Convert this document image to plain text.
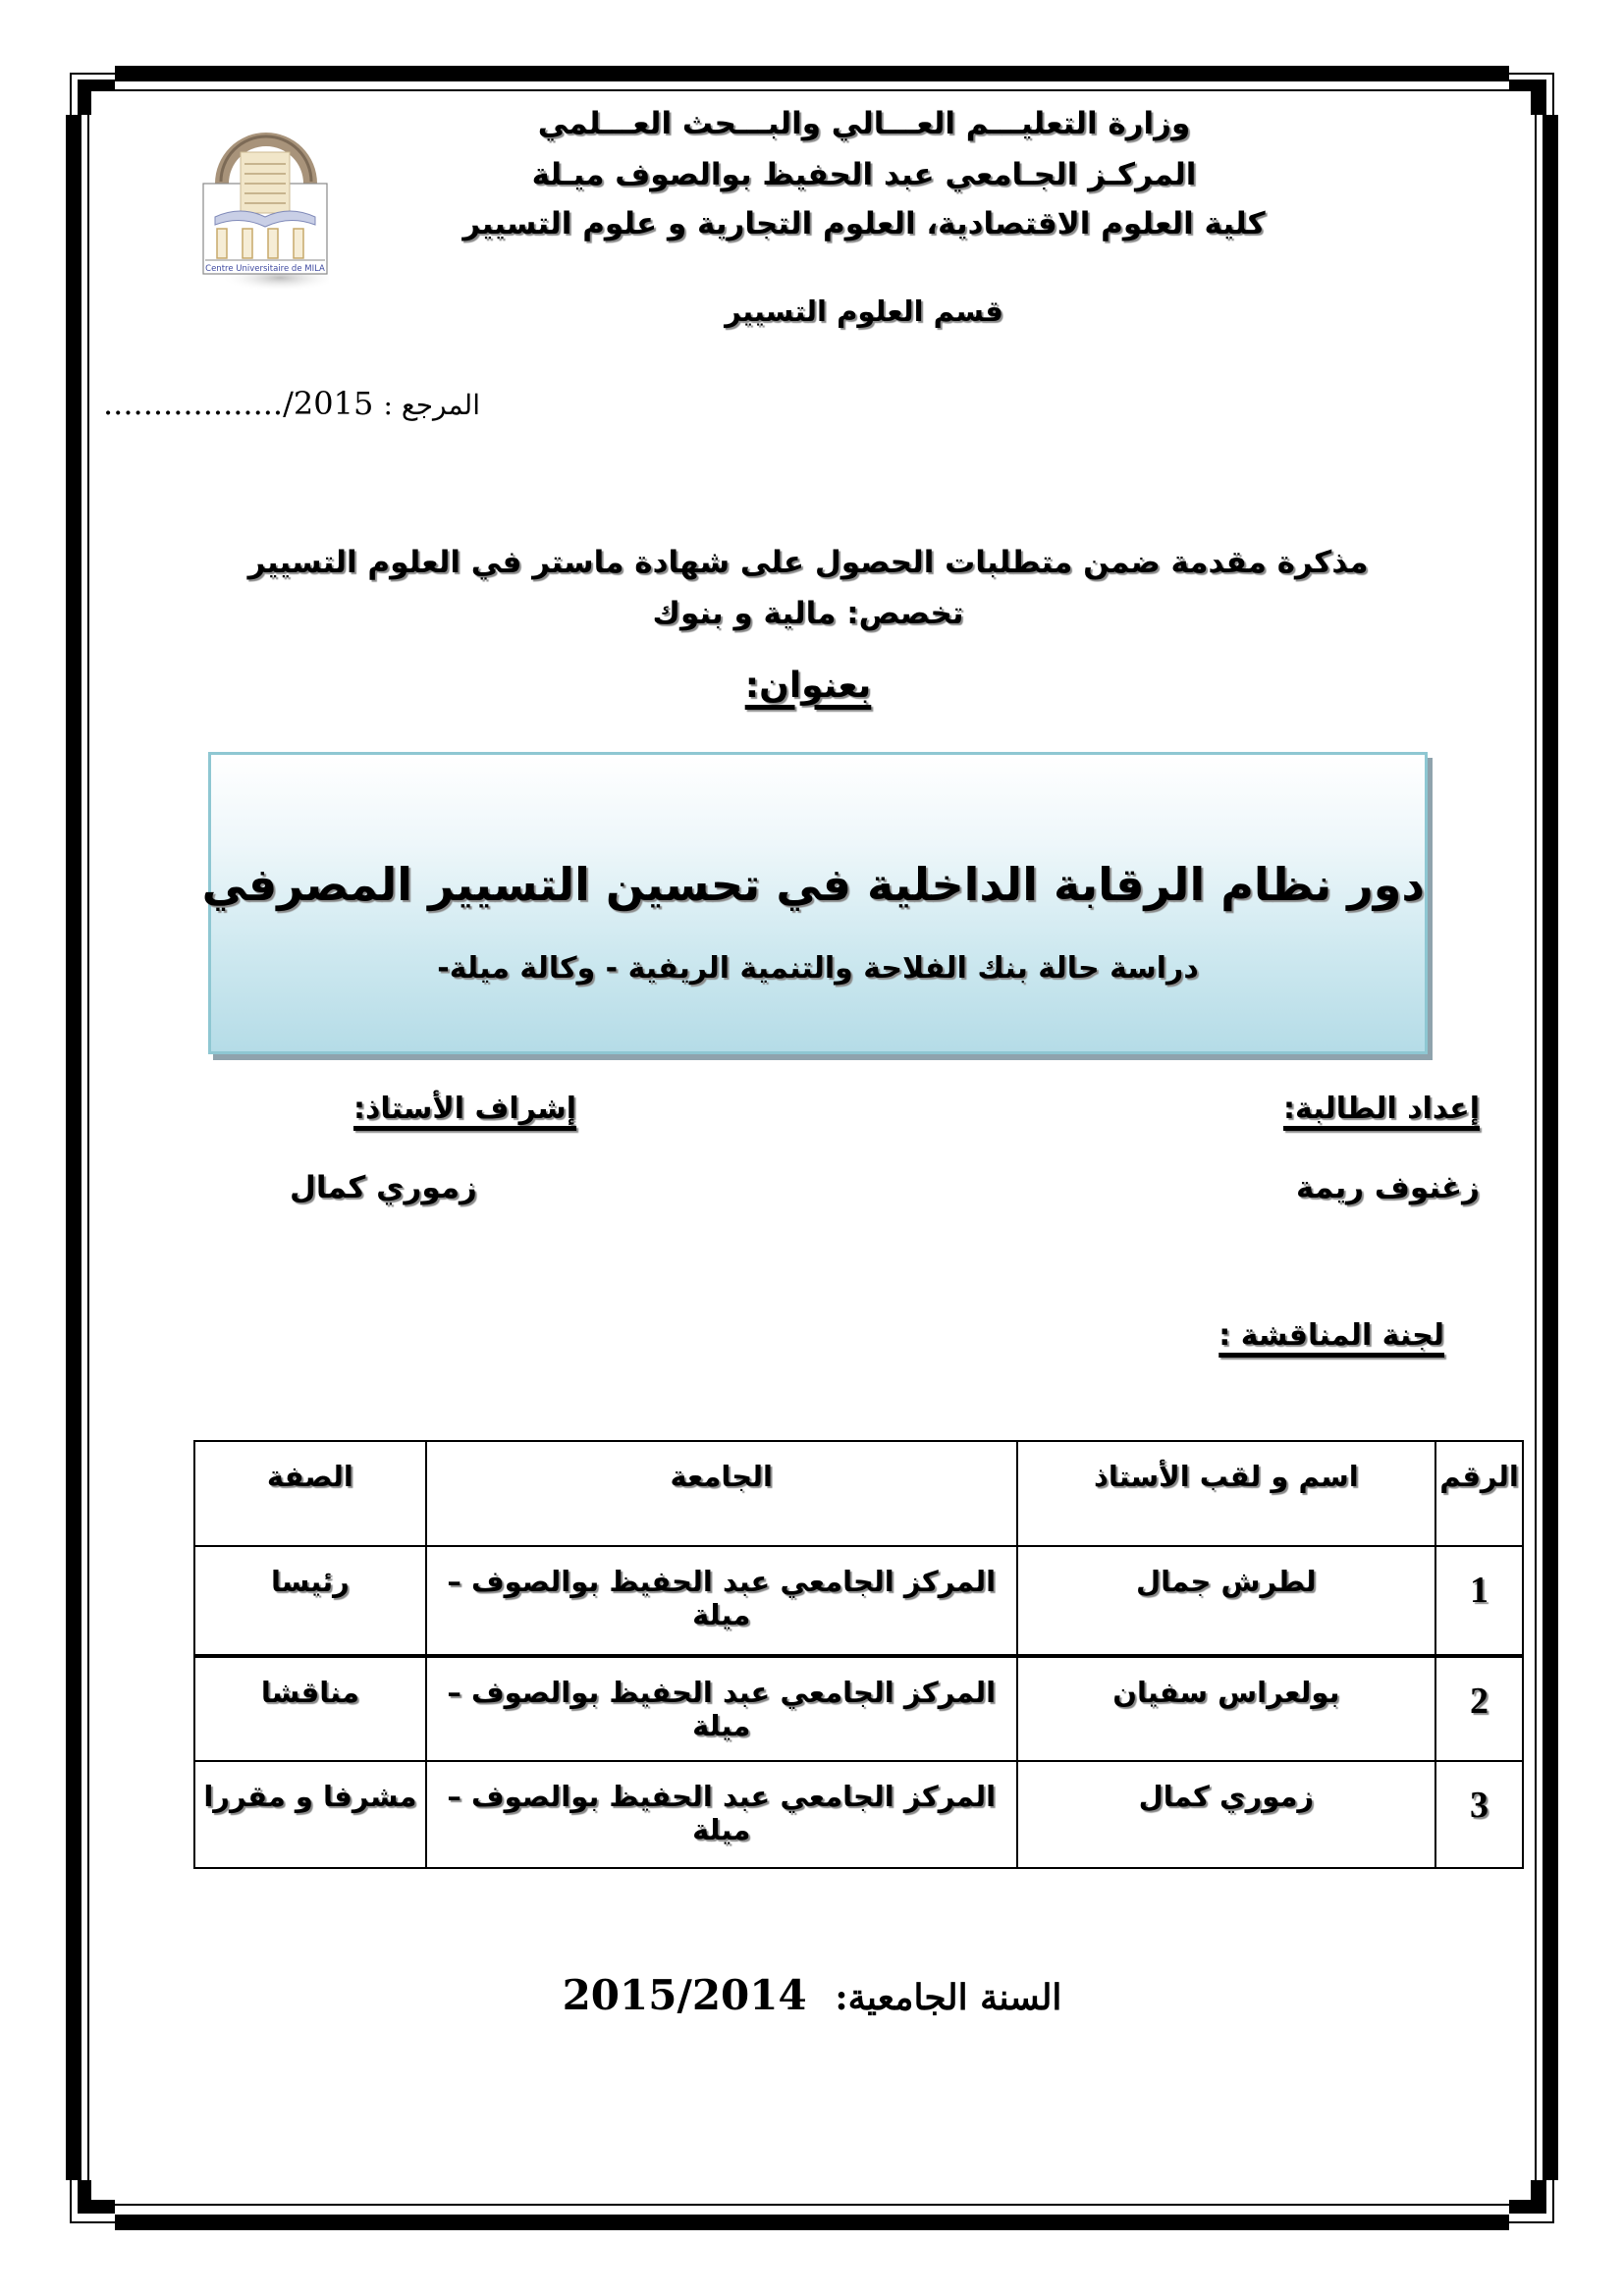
Centre Universitaire de MILA
وزارة التعليـــم العـــالي والبـــحث العـــلمي
المركـز الجـامعي عبد الحفيظ بوالصوف ميـلة
كلية العلوم الاقتصادية، العلوم التجارية و علوم التسيير
قسم العلوم التسيير
................../2015 المرجع :
مذكرة مقدمة ضمن متطلبات الحصول على شهادة ماستر في العلوم التسيير
تخصص: مالية و بنوك
بعنوان:
دور نظام الرقابة الداخلية في تحسين التسيير المصرفي
دراسة حالة بنك الفلاحة والتنمية الريفية - وكالة ميلة-
إعداد الطالبة:
إشراف الأستاذ:
زغنوف ريمة
زموري كمال
لجنة المناقشة :
الرقم	اسم و لقب الأستاذ	الجامعة	الصفة
1	لطرش جمال	المركز الجامعي عبد الحفيظ بوالصوف – ميلة	رئيسا
2	بولعراس سفيان	المركز الجامعي عبد الحفيظ بوالصوف – ميلة	مناقشا
3	زموري كمال	المركز الجامعي عبد الحفيظ بوالصوف – ميلة	مشرفا و مقررا
2015/2014 السنة الجامعية:
